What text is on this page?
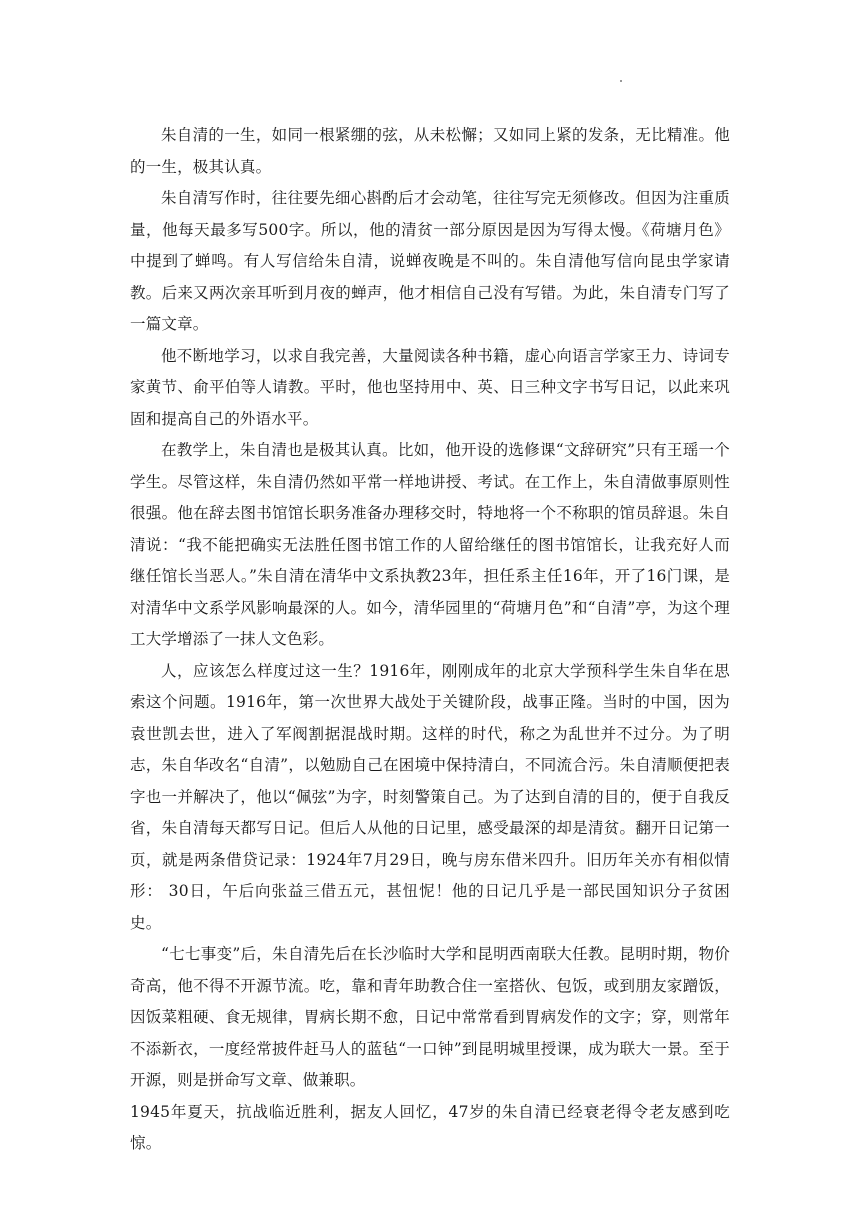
朱自清的一生，如同一根紧绷的弦，从未松懈；又如同上紧的发条，无比精准。他的一生，极其认真。

朱自清写作时，往往要先细心斟酌后才会动笔，往往写完无须修改。但因为注重质量，他每天最多写500字。所以，他的清贫一部分原因是因为写得太慢。《荷塘月色》中提到了蝉鸣。有人写信给朱自清，说蝉夜晚是不叫的。朱自清他写信向昆虫学家请教。后来又两次亲耳听到月夜的蝉声，他才相信自己没有写错。为此，朱自清专门写了一篇文章。

他不断地学习，以求自我完善，大量阅读各种书籍，虚心向语言学家王力、诗词专家黄节、俞平伯等人请教。平时，他也坚持用中、英、日三种文字书写日记，以此来巩固和提高自己的外语水平。

在教学上，朱自清也是极其认真。比如，他开设的选修课“文辞研究”只有王瑶一个学生。尽管这样，朱自清仍然如平常一样地讲授、考试。在工作上，朱自清做事原则性很强。他在辞去图书馆馆长职务准备办理移交时，特地将一个不称职的馆员辞退。朱自清说：“我不能把确实无法胜任图书馆工作的人留给继任的图书馆馆长，让我充好人而继任馆长当恶人。”朱自清在清华中文系执教23年，担任系主任16年，开了16门课，是对清华中文系学风影响最深的人。如今，清华园里的“荷塘月色”和“自清”亭，为这个理工大学增添了一抹人文色彩。

人，应该怎么样度过这一生？1916年，刚刚成年的北京大学预科学生朱自华在思索这个问题。1916年，第一次世界大战处于关键阶段，战事正隆。当时的中国，因为袁世凯去世，进入了军阀割据混战时期。这样的时代，称之为乱世并不过分。为了明志，朱自华改名“自清”，以勉励自己在困境中保持清白，不同流合污。朱自清顺便把表字也一并解决了，他以“佩弦”为字，时刻警策自己。为了达到自清的目的，便于自我反省，朱自清每天都写日记。但后人从他的日记里，感受最深的却是清贫。翻开日记第一页，就是两条借贷记录：1924年7月29日，晚与房东借米四升。旧历年关亦有相似情形： 30日，午后向张益三借五元，甚忸怩！他的日记几乎是一部民国知识分子贫困史。

“七七事变”后，朱自清先后在长沙临时大学和昆明西南联大任教。昆明时期，物价奇高，他不得不开源节流。吃，靠和青年助教合住一室搭伙、包饭，或到朋友家蹭饭，因饭菜粗硬、食无规律，胃病长期不愈，日记中常常看到胃病发作的文字；穿，则常年不添新衣，一度经常披件赶马人的蓝毡“一口钟”到昆明城里授课，成为联大一景。至于开源，则是拼命写文章、做兼职。

1945年夏天，抗战临近胜利，据友人回忆，47岁的朱自清已经衰老得令老友感到吃惊。
